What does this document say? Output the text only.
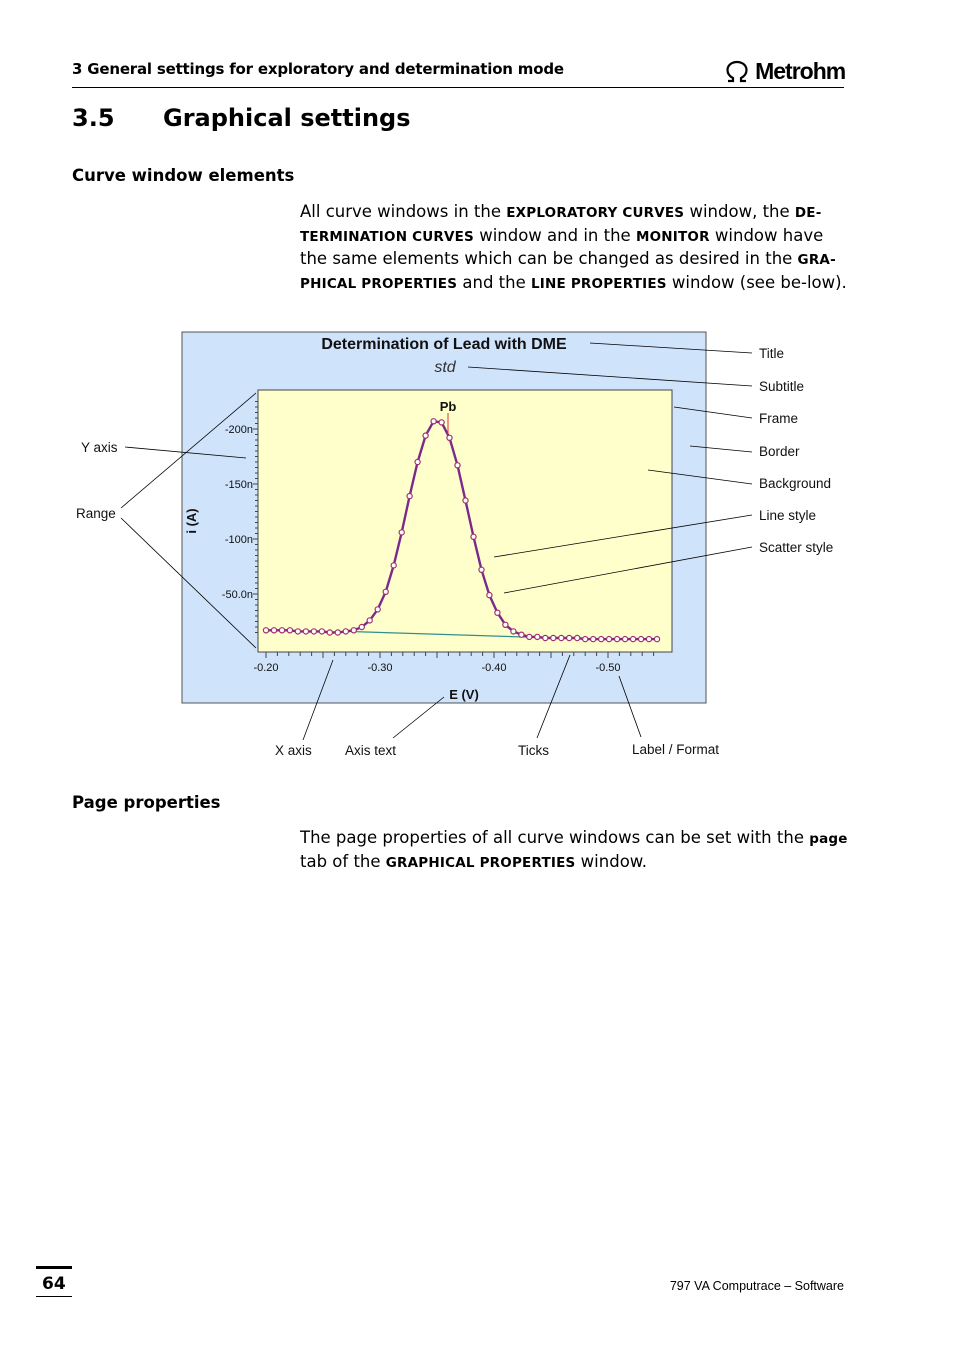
3 General settings for exploratory and determination mode	Metrohm
3.5 Graphical settings
Curve window elements
All curve windows in the EXPLORATORY CURVES window, the DE-TERMINATION CURVES window and in the MONITOR window have the same elements which can be changed as desired in the GRA-PHICAL PROPERTIES and the LINE PROPERTIES window (see be-low).
Determination of Lead with DME
std
i (A)
E (V)
-200n
-150n
-100n
-50.0n
-0.20	-0.30	-0.40	-0.50
Pb
Title
Subtitle
Frame
Border
Background
Line style
Scatter style
Y axis
Range
X axis Axis text	Ticks	Label / Format
Page properties
The page properties of all curve windows can be set with the page tab of the GRAPHICAL PROPERTIES window.
64	797 VA Computrace – Software
